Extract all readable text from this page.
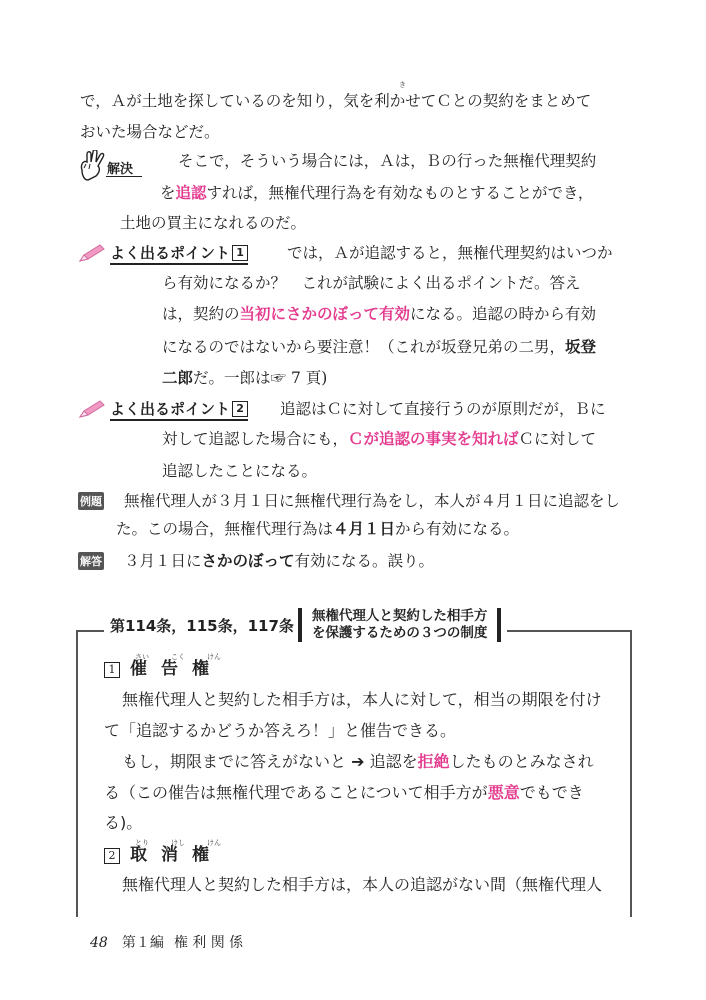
き
で，Ａが土地を探しているのを知り，気を利かせてＣとの契約をまとめて
おいた場合などだ。
解決	そこで，そういう場合には，Ａは，Ｂの行った無権代理契約
を追認すれば，無権代理行為を有効なものとすることができ，
土地の買主になれるのだ。
よく出るポイント 1	では，Ａが追認すると，無権代理契約はいつか
ら有効になるか？　これが試験によく出るポイントだ。答え
は，契約の当初にさかのぼって有効になる。追認の時から有効
になるのではないから要注意！（これが坂登兄弟の二男，坂登
二郎だ。一郎は☞ 7 頁)
よく出るポイント 2 追認はＣに対して直接行うのが原則だが，Ｂに
対して追認した場合にも，Ｃが追認の事実を知ればＣに対して
追認したことになる。
例題 無権代理人が３月１日に無権代理行為をし，本人が４月１日に追認をし
た。この場合，無権代理行為は４月１日から有効になる。
解答 ３月１日にさかのぼって有効になる。誤り。
第114条，115条，117条
無権代理人と契約した相手方
を保護するための３つの制度
さい	こく	けん
1 催告権
無権代理人と契約した相手方は，本人に対して，相当の期限を付け
て「追認するかどうか答えろ！」と催告できる。
もし，期限までに答えがないと ➔ 追認を拒絶したものとみなされ
る（この催告は無権代理であることについて相手方が悪意でもでき
る)。
とり	けし	けん
2 取消権
無権代理人と契約した相手方は，本人の追認がない間（無権代理人
48 第１編 権 利 関 係
